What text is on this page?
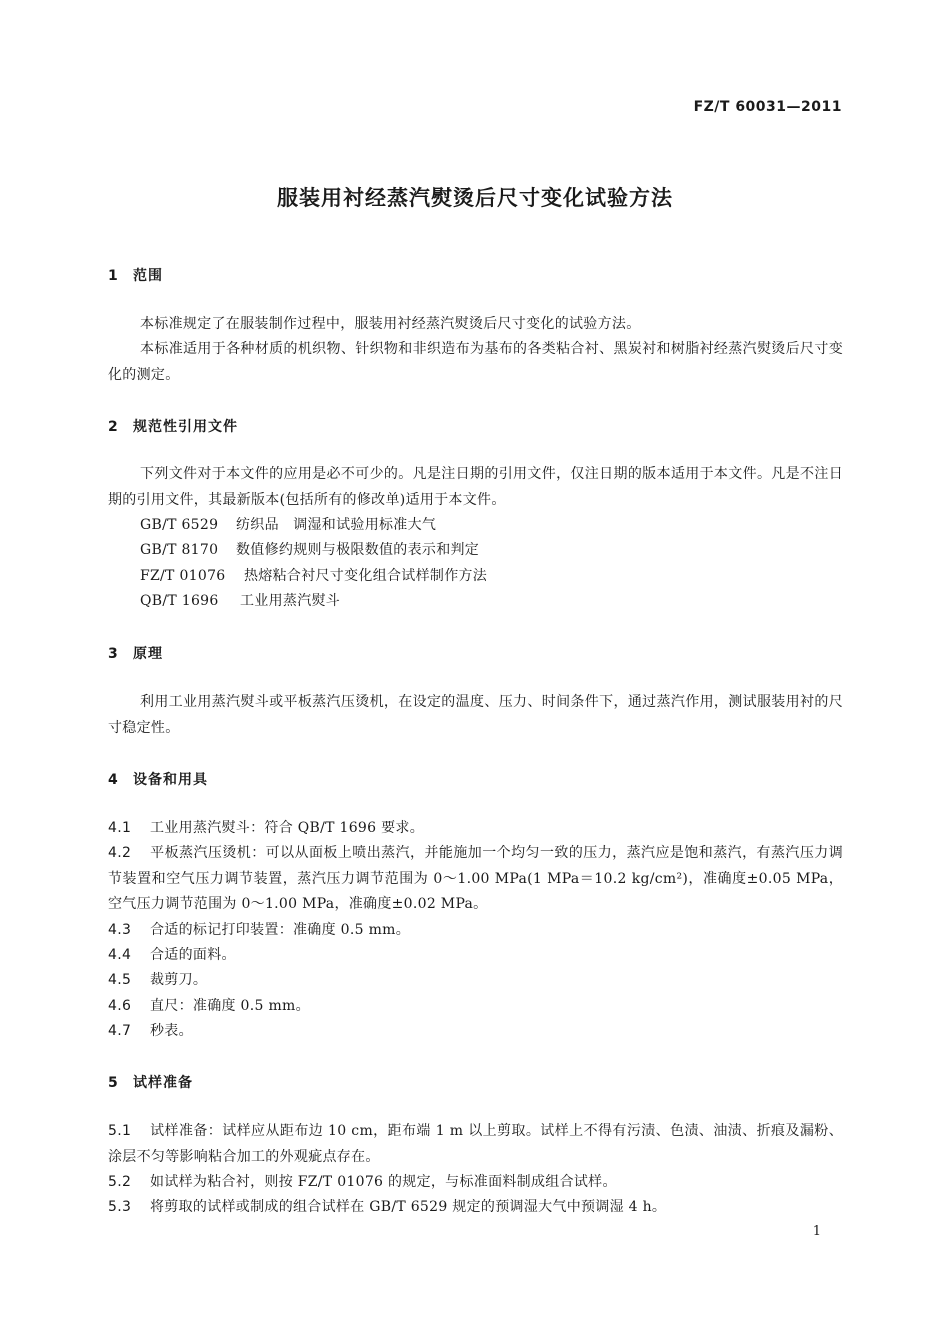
FZ/T 60031—2011
服装用衬经蒸汽熨烫后尺寸变化试验方法
1 范围

本标准规定了在服装制作过程中，服装用衬经蒸汽熨烫后尺寸变化的试验方法。

本标准适用于各种材质的机织物、针织物和非织造布为基布的各类粘合衬、黑炭衬和树脂衬经蒸汽熨烫后尺寸变化的测定。

2 规范性引用文件

下列文件对于本文件的应用是必不可少的。凡是注日期的引用文件，仅注日期的版本适用于本文件。凡是不注日期的引用文件，其最新版本(包括所有的修改单)适用于本文件。

GB/T 6529 纺织品　调湿和试验用标准大气
GB/T 8170 数值修约规则与极限数值的表示和判定
FZ/T 01076 热熔粘合衬尺寸变化组合试样制作方法
QB/T 1696 工业用蒸汽熨斗
3 原理

利用工业用蒸汽熨斗或平板蒸汽压烫机，在设定的温度、压力、时间条件下，通过蒸汽作用，测试服装用衬的尺寸稳定性。

4 设备和用具

4.1 工业用蒸汽熨斗：符合 QB/T 1696 要求。

4.2 平板蒸汽压烫机：可以从面板上喷出蒸汽，并能施加一个均匀一致的压力，蒸汽应是饱和蒸汽，有蒸汽压力调节装置和空气压力调节装置，蒸汽压力调节范围为 0～1.00 MPa(1 MPa＝10.2 kg/cm²)，准确度±0.05 MPa，空气压力调节范围为 0～1.00 MPa，准确度±0.02 MPa。

4.3 合适的标记打印装置：准确度 0.5 mm。

4.4 合适的面料。

4.5 裁剪刀。

4.6 直尺：准确度 0.5 mm。

4.7 秒表。

5 试样准备

5.1 试样准备：试样应从距布边 10 cm，距布端 1 m 以上剪取。试样上不得有污渍、色渍、油渍、折痕及漏粉、涂层不匀等影响粘合加工的外观疵点存在。

5.2 如试样为粘合衬，则按 FZ/T 01076 的规定，与标准面料制成组合试样。

5.3 将剪取的试样或制成的组合试样在 GB/T 6529 规定的预调湿大气中预调湿 4 h。

1
